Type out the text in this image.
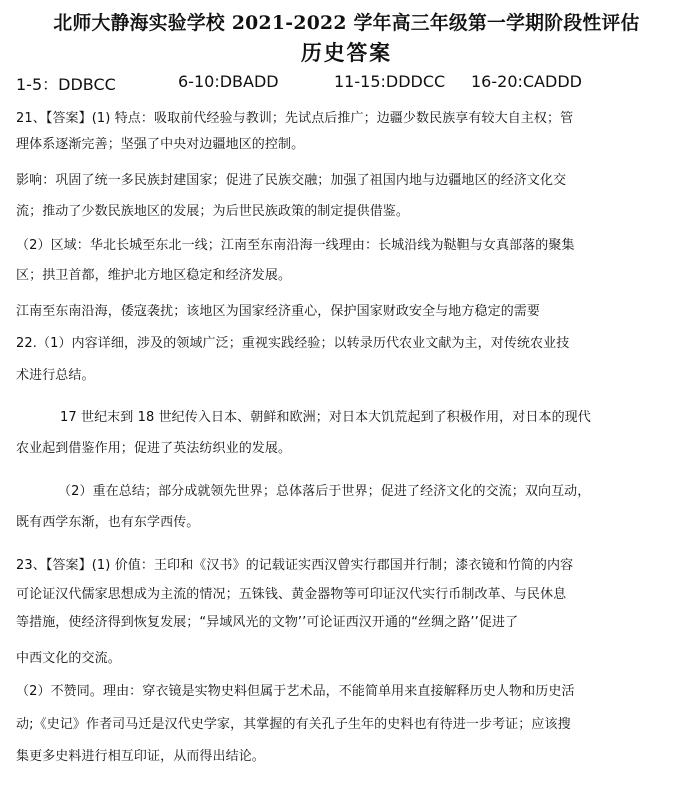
北师大静海实验学校 2021-2022 学年高三年级第一学期阶段性评估
历史答案
1-5：DDBCC	6-10:DBADD	11-15:DDDCC 16-20:CADDD
21、【答案】(1) 特点：吸取前代经验与教训；先试点后推广；边疆少数民族享有较大自主权；管
理体系逐渐完善；坚强了中央对边疆地区的控制。
影响：巩固了统一多民族封建国家；促进了民族交融；加强了祖国内地与边疆地区的经济文化交
流；推动了少数民族地区的发展；为后世民族政策的制定提供借鉴。
（2）区域：华北长城至东北一线；江南至东南沿海一线理由：长城沿线为鞑靼与女真部落的聚集
区；拱卫首都，维护北方地区稳定和经济发展。
江南至东南沿海，倭寇袭扰；该地区为国家经济重心，保护国家财政安全与地方稳定的需要
22.（1）内容详细，涉及的领域广泛；重视实践经验；以转录历代农业文献为主，对传统农业技
术进行总结。
17 世纪末到 18 世纪传入日本、朝鲜和欧洲；对日本大饥荒起到了积极作用，对日本的现代
农业起到借鉴作用；促进了英法纺织业的发展。
（2）重在总结；部分成就领先世界；总体落后于世界；促进了经济文化的交流；双向互动，
既有西学东渐，也有东学西传。
23、【答案】(1) 价值：王印和《汉书》的记载证实西汉曾实行郡国并行制；漆衣镜和竹简的内容
可论证汉代儒家思想成为主流的情况；五铢钱、黄金器物等可印证汉代实行币制改革、与民休息
等措施，使经济得到恢复发展；“异域风光的文物’’可论证西汉开通的“丝绸之路’’促进了
中西文化的交流。
（2）不赞同。理由：穿衣镜是实物史料但属于艺术品，不能简单用来直接解释历史人物和历史活
动;《史记》作者司马迁是汉代史学家，其掌握的有关孔子生年的史料也有待进一步考证；应该搜
集更多史料进行相互印证，从而得出结论。
